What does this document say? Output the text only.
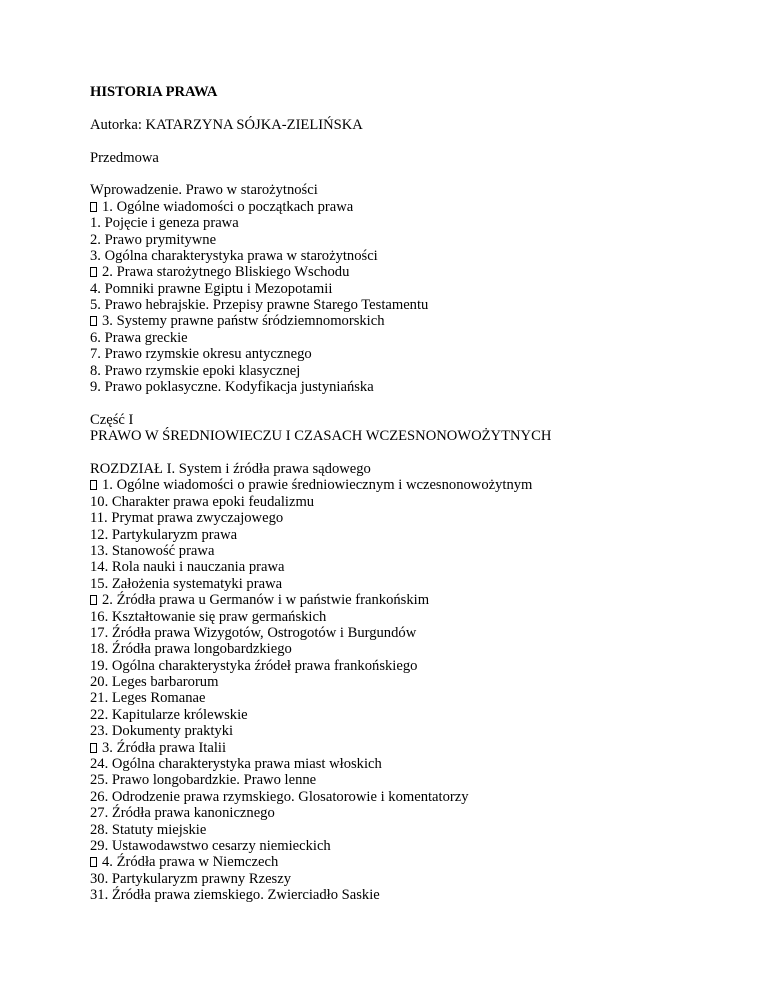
HISTORIA PRAWA
Autorka: KATARZYNA SÓJKA-ZIELIŃSKA
Przedmowa
Wprowadzenie. Prawo w starożytności
1. Ogólne wiadomości o początkach prawa
1. Pojęcie i geneza prawa
2. Prawo prymitywne
3. Ogólna charakterystyka prawa w starożytności
2. Prawa starożytnego Bliskiego Wschodu
4. Pomniki prawne Egiptu i Mezopotamii
5. Prawo hebrajskie. Przepisy prawne Starego Testamentu
3. Systemy prawne państw śródziemnomorskich
6. Prawa greckie
7. Prawo rzymskie okresu antycznego
8. Prawo rzymskie epoki klasycznej
9. Prawo poklasyczne. Kodyfikacja justyniańska
Część I
PRAWO W ŚREDNIOWIECZU I CZASACH WCZESNONOWOŻYTNYCH
ROZDZIAŁ I. System i źródła prawa sądowego
1. Ogólne wiadomości o prawie średniowiecznym i wczesnonowożytnym
10. Charakter prawa epoki feudalizmu
11. Prymat prawa zwyczajowego
12. Partykularyzm prawa
13. Stanowość prawa
14. Rola nauki i nauczania prawa
15. Założenia systematyki prawa
2. Źródła prawa u Germanów i w państwie frankońskim
16. Kształtowanie się praw germańskich
17. Źródła prawa Wizygotów, Ostrogotów i Burgundów
18. Źródła prawa longobardzkiego
19. Ogólna charakterystyka źródeł prawa frankońskiego
20. Leges barbarorum
21. Leges Romanae
22. Kapitularze królewskie
23. Dokumenty praktyki
3. Źródła prawa Italii
24. Ogólna charakterystyka prawa miast włoskich
25. Prawo longobardzkie. Prawo lenne
26. Odrodzenie prawa rzymskiego. Glosatorowie i komentatorzy
27. Źródła prawa kanonicznego
28. Statuty miejskie
29. Ustawodawstwo cesarzy niemieckich
4. Źródła prawa w Niemczech
30. Partykularyzm prawny Rzeszy
31. Źródła prawa ziemskiego. Zwierciadło Saskie
